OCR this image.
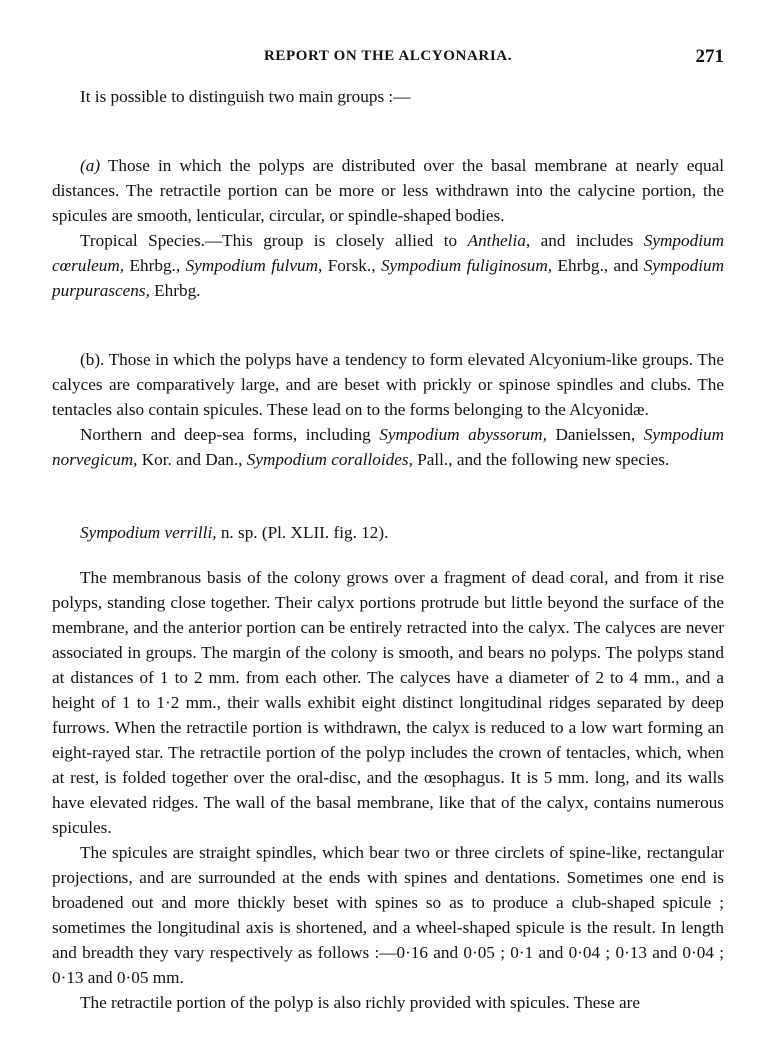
REPORT ON THE ALCYONARIA.	271

It is possible to distinguish two main groups :—

(a) Those in which the polyps are distributed over the basal membrane at nearly equal distances. The retractile portion can be more or less withdrawn into the calycine portion, the spicules are smooth, lenticular, circular, or spindle-shaped bodies.

Tropical Species.—This group is closely allied to Anthelia, and includes Sympodium cœruleum, Ehrbg., Sympodium fulvum, Forsk., Sympodium fuliginosum, Ehrbg., and Sympodium purpurascens, Ehrbg.

(b). Those in which the polyps have a tendency to form elevated Alcyonium-like groups. The calyces are comparatively large, and are beset with prickly or spinose spindles and clubs. The tentacles also contain spicules. These lead on to the forms belonging to the Alcyonidæ.

Northern and deep-sea forms, including Sympodium abyssorum, Danielssen, Sympodium norvegicum, Kor. and Dan., Sympodium coralloides, Pall., and the following new species.

Sympodium verrilli, n. sp. (Pl. XLII. fig. 12).

The membranous basis of the colony grows over a fragment of dead coral, and from it rise polyps, standing close together. Their calyx portions protrude but little beyond the surface of the membrane, and the anterior portion can be entirely retracted into the calyx. The calyces are never associated in groups. The margin of the colony is smooth, and bears no polyps. The polyps stand at distances of 1 to 2 mm. from each other. The calyces have a diameter of 2 to 4 mm., and a height of 1 to 1·2 mm., their walls exhibit eight distinct longitudinal ridges separated by deep furrows. When the retractile portion is withdrawn, the calyx is reduced to a low wart forming an eight-rayed star. The retractile portion of the polyp includes the crown of tentacles, which, when at rest, is folded together over the oral-disc, and the œsophagus. It is 5 mm. long, and its walls have elevated ridges. The wall of the basal membrane, like that of the calyx, contains numerous spicules.

The spicules are straight spindles, which bear two or three circlets of spine-like, rectangular projections, and are surrounded at the ends with spines and dentations. Sometimes one end is broadened out and more thickly beset with spines so as to produce a club-shaped spicule ; sometimes the longitudinal axis is shortened, and a wheel-shaped spicule is the result. In length and breadth they vary respectively as follows :—0·16 and 0·05 ; 0·1 and 0·04 ; 0·13 and 0·04 ; 0·13 and 0·05 mm.

The retractile portion of the polyp is also richly provided with spicules. These are
